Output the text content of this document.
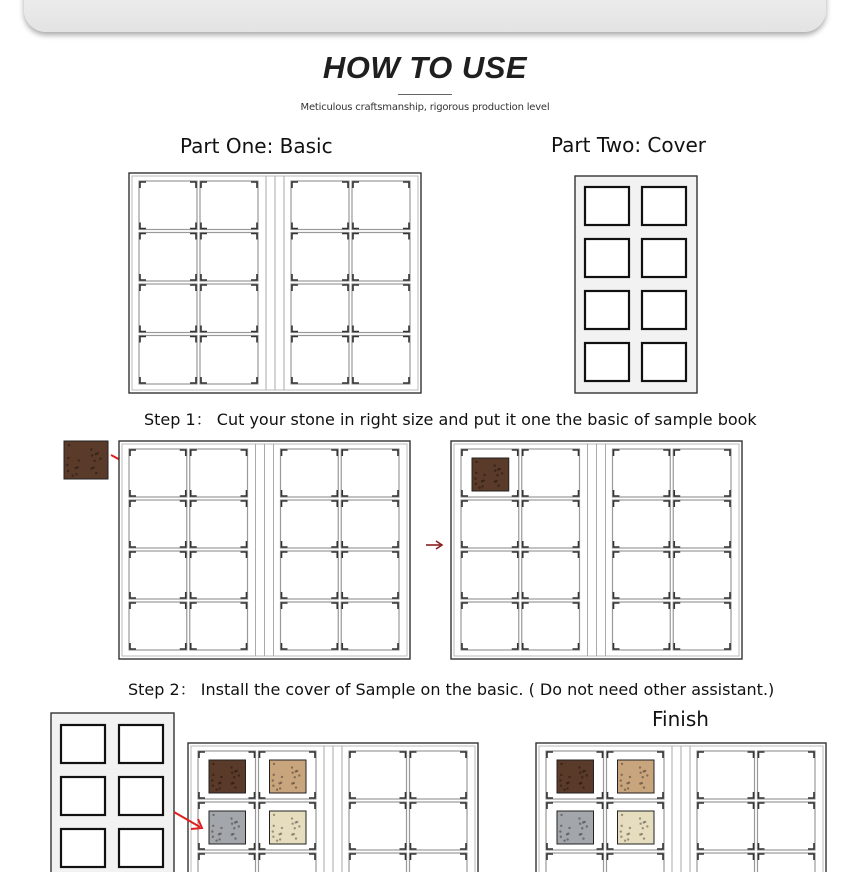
HOW TO USE
Meticulous craftsmanship, rigorous production level
Part One: Basic	Part Two: Cover
Step 1： Cut your stone in right size and put it one the basic of sample book
Step 2： Install the cover of Sample on the basic. ( Do not need other assistant.)
Finish
